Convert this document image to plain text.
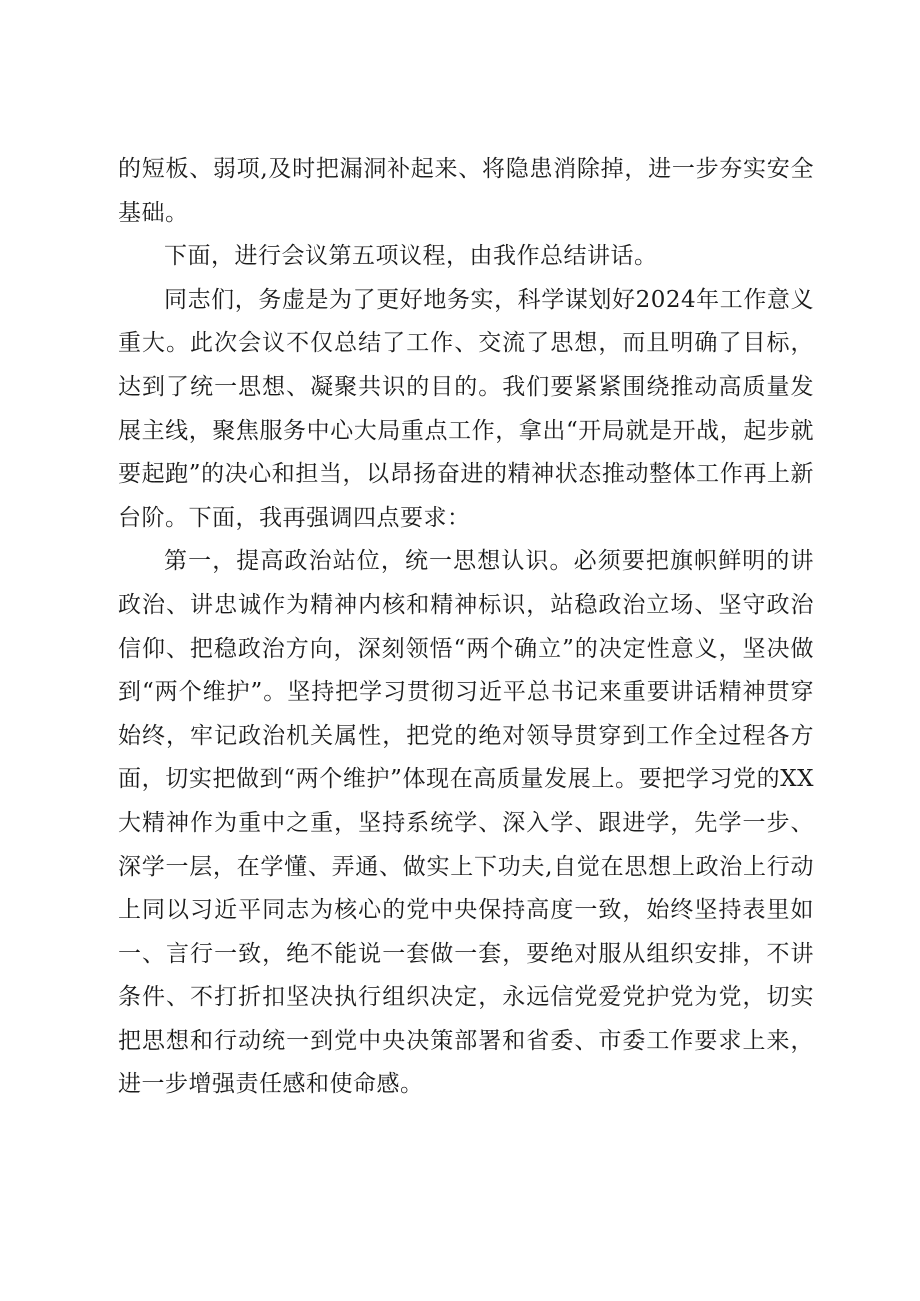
的短板、弱项,及时把漏洞补起来、将隐患消除掉，进一步夯实安全基础。

下面，进行会议第五项议程，由我作总结讲话。

同志们，务虚是为了更好地务实，科学谋划好2024年工作意义重大。此次会议不仅总结了工作、交流了思想，而且明确了目标，达到了统一思想、凝聚共识的目的。我们要紧紧围绕推动高质量发展主线，聚焦服务中心大局重点工作，拿出“开局就是开战，起步就要起跑”的决心和担当，以昂扬奋进的精神状态推动整体工作再上新台阶。下面，我再强调四点要求：

第一，提高政治站位，统一思想认识。必须要把旗帜鲜明的讲政治、讲忠诚作为精神内核和精神标识，站稳政治立场、坚守政治信仰、把稳政治方向，深刻领悟“两个确立”的决定性意义，坚决做到“两个维护”。坚持把学习贯彻习近平总书记来重要讲话精神贯穿始终，牢记政治机关属性，把党的绝对领导贯穿到工作全过程各方面，切实把做到“两个维护”体现在高质量发展上。要把学习党的XX大精神作为重中之重，坚持系统学、深入学、跟进学，先学一步、深学一层，在学懂、弄通、做实上下功夫,自觉在思想上政治上行动上同以习近平同志为核心的党中央保持高度一致，始终坚持表里如一、言行一致，绝不能说一套做一套，要绝对服从组织安排，不讲条件、不打折扣坚决执行组织决定，永远信党爱党护党为党，切实把思想和行动统一到党中央决策部署和省委、市委工作要求上来，进一步增强责任感和使命感。
